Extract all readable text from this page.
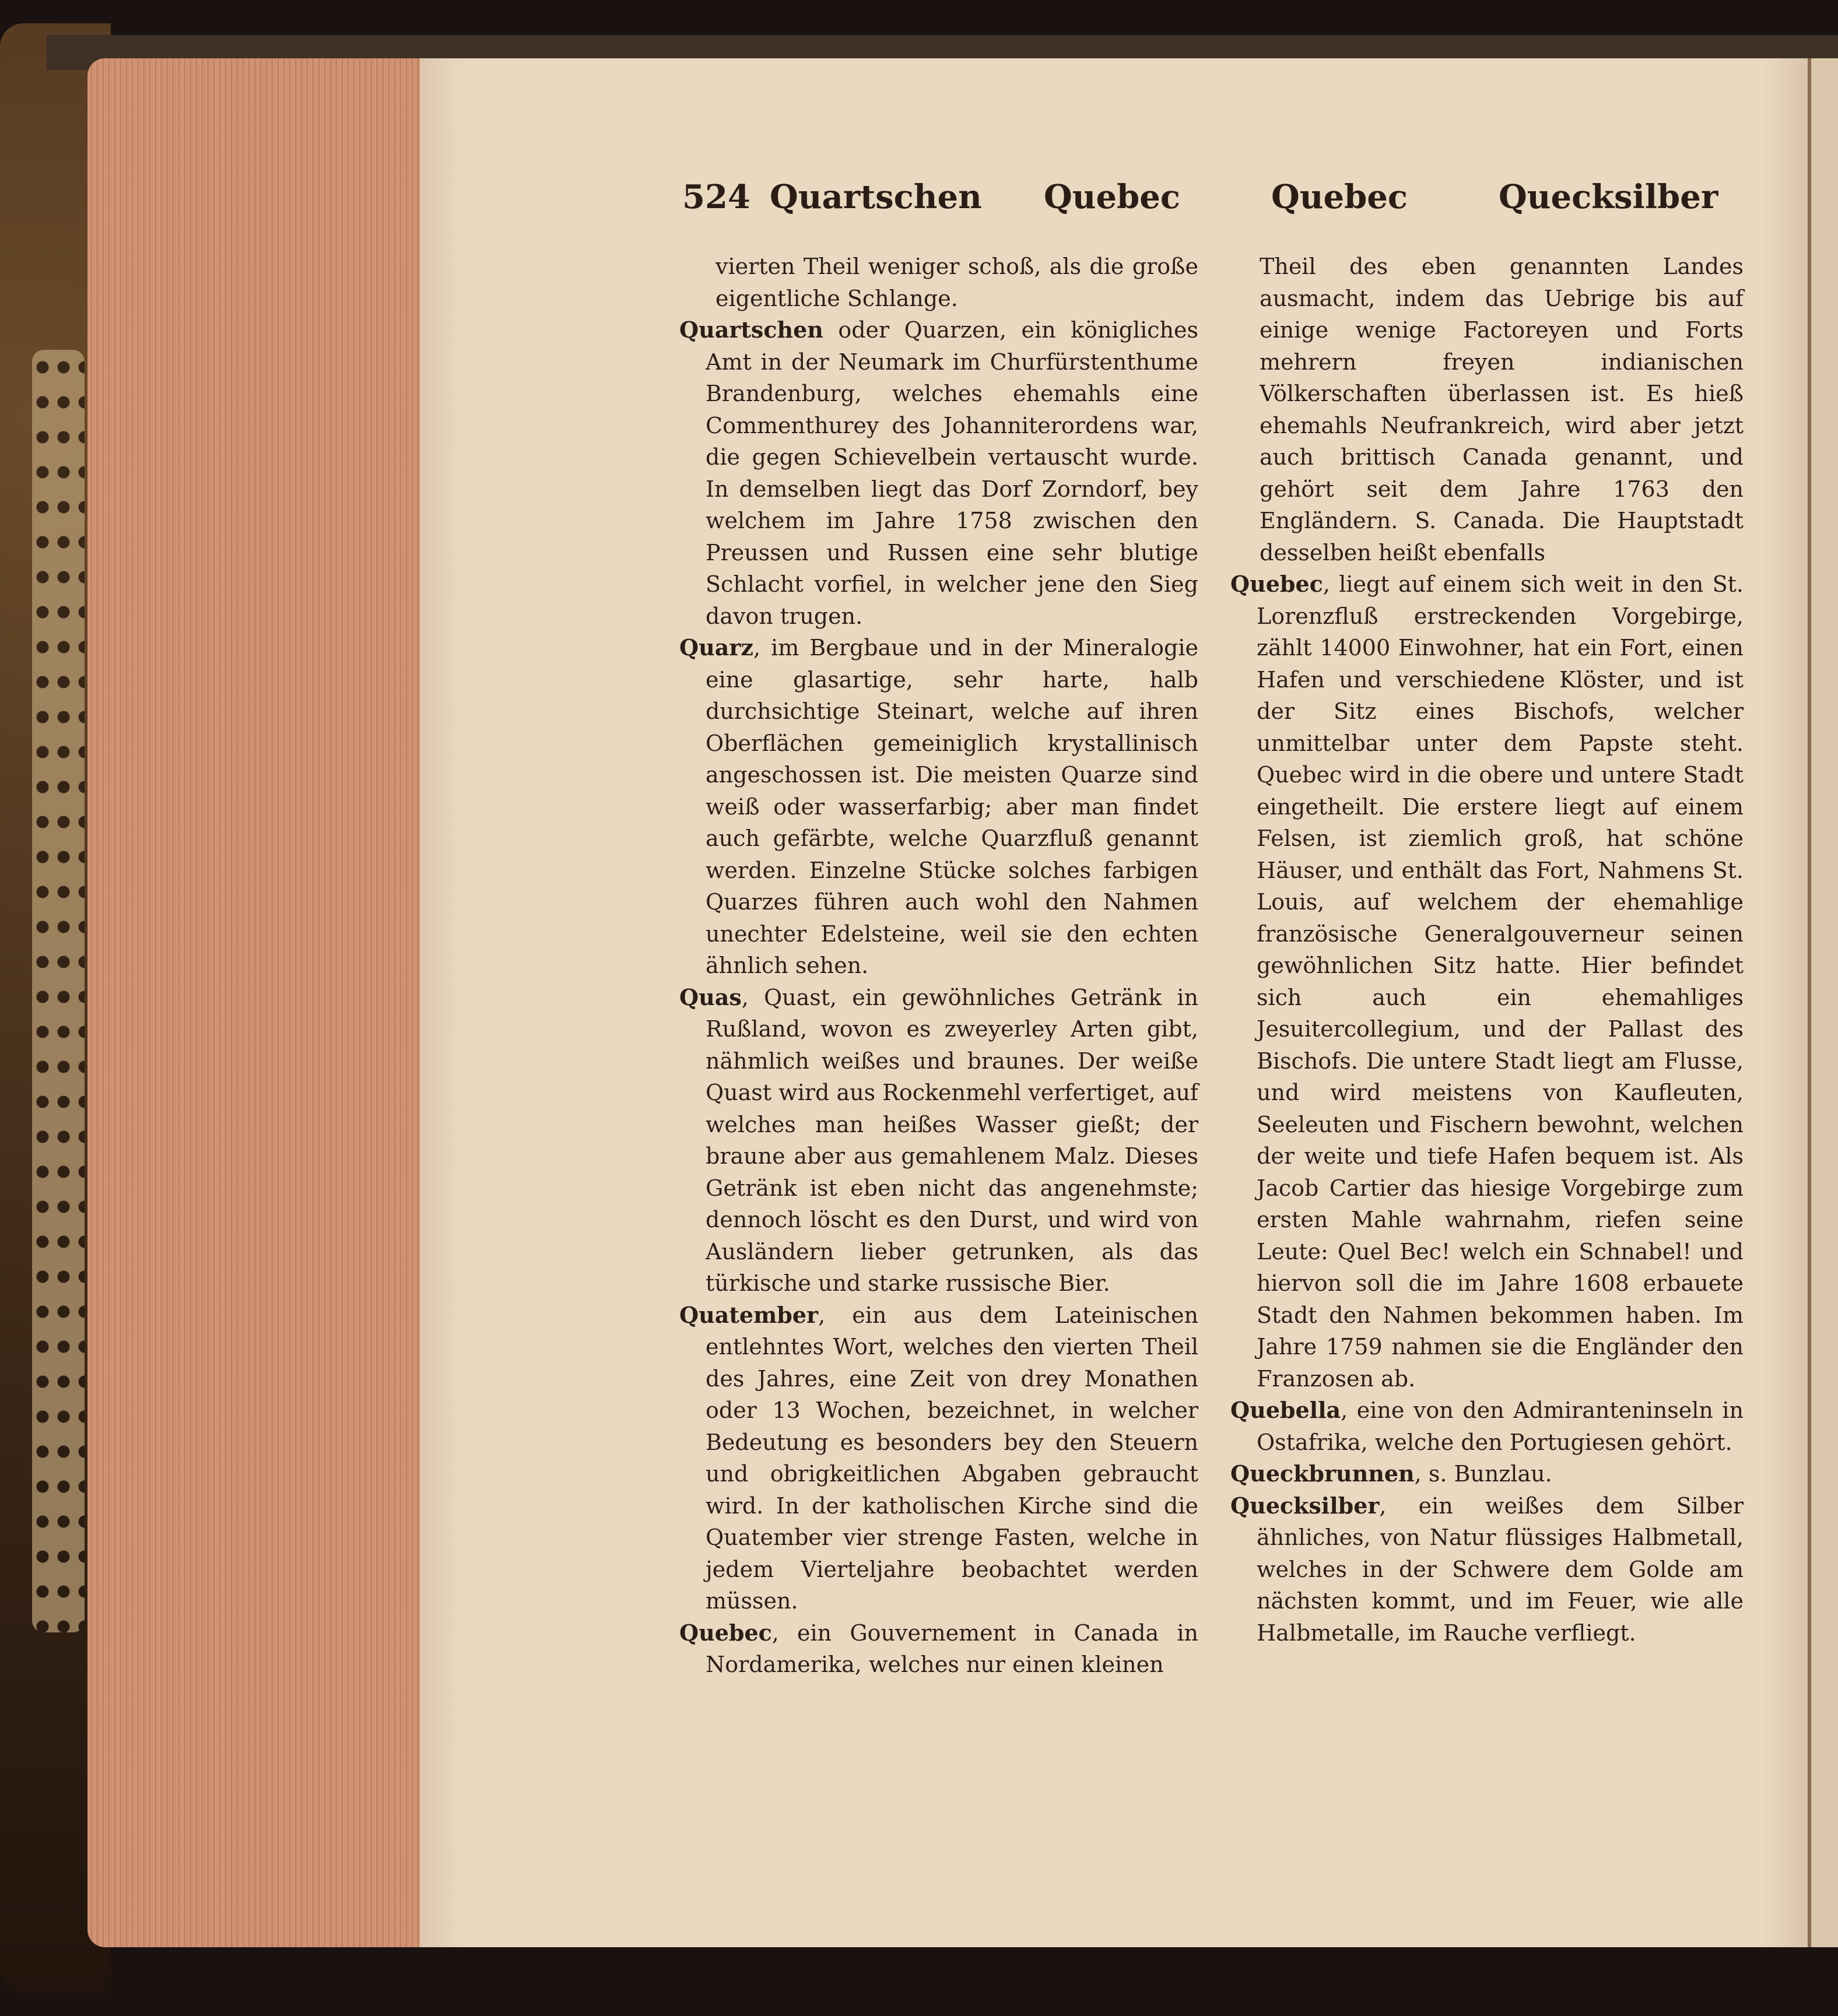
524 Quartschen Quebec	Quebec	Quecksilber

vierten Theil weniger schoß, als die große eigentliche Schlange.

Quartschen oder Quarzen, ein königliches Amt in der Neumark im Churfürstenthume Brandenburg, welches ehemahls eine Commenthurey des Johanniterordens war, die gegen Schievelbein vertauscht wurde. In demselben liegt das Dorf Zorndorf, bey welchem im Jahre 1758 zwischen den Preussen und Russen eine sehr blutige Schlacht vorfiel, in welcher jene den Sieg davon trugen.

Quarz, im Bergbaue und in der Mineralogie eine glasartige, sehr harte, halb durchsichtige Steinart, welche auf ihren Oberflächen gemeiniglich krystallinisch angeschossen ist. Die meisten Quarze sind weiß oder wasserfarbig; aber man findet auch gefärbte, welche Quarzfluß genannt werden. Einzelne Stücke solches farbigen Quarzes führen auch wohl den Nahmen unechter Edelsteine, weil sie den echten ähnlich sehen.

Quas, Quast, ein gewöhnliches Getränk in Rußland, wovon es zweyerley Arten gibt, nähmlich weißes und braunes. Der weiße Quast wird aus Rockenmehl verfertiget, auf welches man heißes Wasser gießt; der braune aber aus gemahlenem Malz. Dieses Getränk ist eben nicht das angenehmste; dennoch löscht es den Durst, und wird von Ausländern lieber getrunken, als das türkische und starke russische Bier.

Quatember, ein aus dem Lateinischen entlehntes Wort, welches den vierten Theil des Jahres, eine Zeit von drey Monathen oder 13 Wochen, bezeichnet, in welcher Bedeutung es besonders bey den Steuern und obrigkeitlichen Abgaben gebraucht wird. In der katholischen Kirche sind die Quatember vier strenge Fasten, welche in jedem Vierteljahre beobachtet werden müssen.

Quebec, ein Gouvernement in Canada in Nordamerika, welches nur einen kleinen

Theil des eben genannten Landes ausmacht, indem das Uebrige bis auf einige wenige Factoreyen und Forts mehrern freyen indianischen Völkerschaften überlassen ist. Es hieß ehemahls Neufrankreich, wird aber jetzt auch brittisch Canada genannt, und gehört seit dem Jahre 1763 den Engländern. S. Canada. Die Hauptstadt desselben heißt ebenfalls

Quebec, liegt auf einem sich weit in den St. Lorenzfluß erstreckenden Vorgebirge, zählt 14000 Einwohner, hat ein Fort, einen Hafen und verschiedene Klöster, und ist der Sitz eines Bischofs, welcher unmittelbar unter dem Papste steht. Quebec wird in die obere und untere Stadt eingetheilt. Die erstere liegt auf einem Felsen, ist ziemlich groß, hat schöne Häuser, und enthält das Fort, Nahmens St. Louis, auf welchem der ehemahlige französische Generalgouverneur seinen gewöhnlichen Sitz hatte. Hier befindet sich auch ein ehemahliges Jesuitercollegium, und der Pallast des Bischofs. Die untere Stadt liegt am Flusse, und wird meistens von Kaufleuten, Seeleuten und Fischern bewohnt, welchen der weite und tiefe Hafen bequem ist. Als Jacob Cartier das hiesige Vorgebirge zum ersten Mahle wahrnahm, riefen seine Leute: Quel Bec! welch ein Schnabel! und hiervon soll die im Jahre 1608 erbauete Stadt den Nahmen bekommen haben. Im Jahre 1759 nahmen sie die Engländer den Franzosen ab.

Quebella, eine von den Admiranteninseln in Ostafrika, welche den Portugiesen gehört.

Queckbrunnen, s. Bunzlau.

Quecksilber, ein weißes dem Silber ähnliches, von Natur flüssiges Halbmetall, welches in der Schwere dem Golde am nächsten kommt, und im Feuer, wie alle Halbmetalle, im Rauche verfliegt.
